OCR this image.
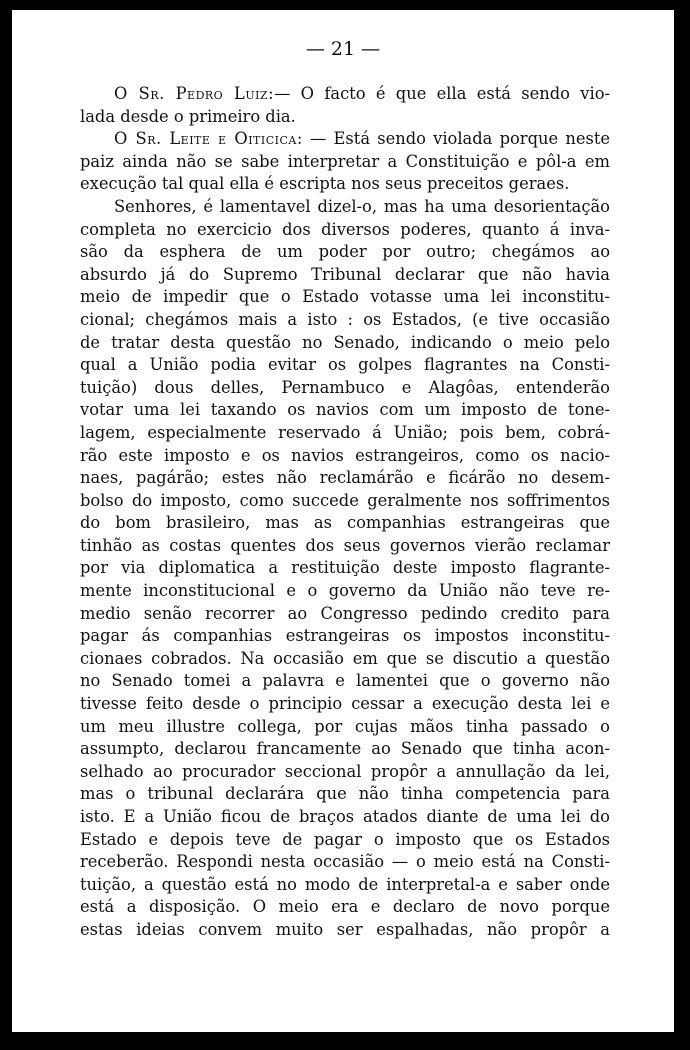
— 21 —
O Sr. Pedro Luiz:— O facto é que ella está sendo vio-
lada desde o primeiro dia.
O Sr. Leite e Oiticica: — Está sendo violada porque neste
paiz ainda não se sabe interpretar a Constituição e pôl-a em
execução tal qual ella é escripta nos seus preceitos geraes.
Senhores, é lamentavel dizel-o, mas ha uma desorientação
completa no exercicio dos diversos poderes, quanto á inva-
são da esphera de um poder por outro; chegámos ao
absurdo já do Supremo Tribunal declarar que não havia
meio de impedir que o Estado votasse uma lei inconstitu-
cional; chegámos mais a isto : os Estados, (e tive occasião
de tratar desta questão no Senado, indicando o meio pelo
qual a União podia evitar os golpes flagrantes na Consti-
tuição) dous delles, Pernambuco e Alagôas, entenderão
votar uma lei taxando os navios com um imposto de tone-
lagem, especialmente reservado á União; pois bem, cobrá-
rão este imposto e os navios estrangeiros, como os nacio-
naes, pagárão; estes não reclamárão e ficárão no desem-
bolso do imposto, como succede geralmente nos soffrimentos
do bom brasileiro, mas as companhias estrangeiras que
tinhão as costas quentes dos seus governos vierão reclamar
por via diplomatica a restituição deste imposto flagrante-
mente inconstitucional e o governo da União não teve re-
medio senão recorrer ao Congresso pedindo credito para
pagar ás companhias estrangeiras os impostos inconstitu-
cionaes cobrados. Na occasião em que se discutio a questão
no Senado tomei a palavra e lamentei que o governo não
tivesse feito desde o principio cessar a execução desta lei e
um meu illustre collega, por cujas mãos tinha passado o
assumpto, declarou francamente ao Senado que tinha acon-
selhado ao procurador seccional propôr a annullação da lei,
mas o tribunal declarára que não tinha competencia para
isto. E a União ficou de braços atados diante de uma lei do
Estado e depois teve de pagar o imposto que os Estados
receberão. Respondi nesta occasião — o meio está na Consti-
tuição, a questão está no modo de interpretal-a e saber onde
está a disposição. O meio era e declaro de novo porque
estas ideias convem muito ser espalhadas, não propôr a
